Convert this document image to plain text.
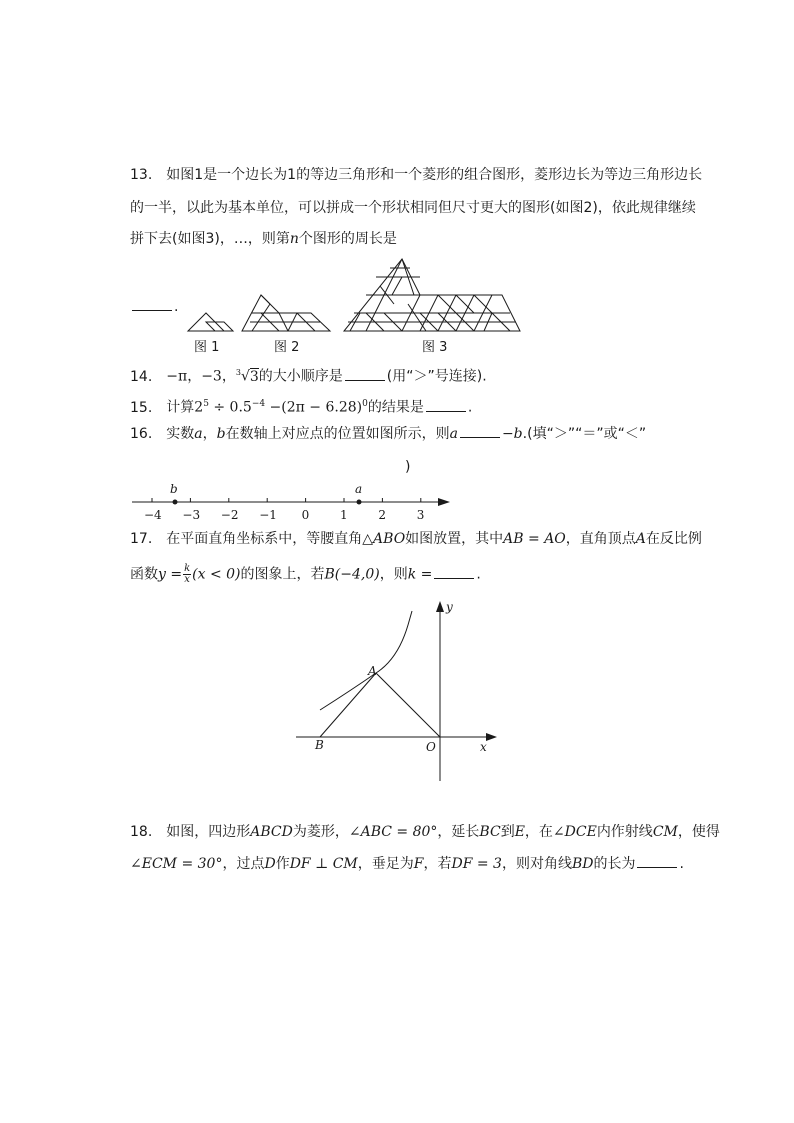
13. 如图1是一个边长为1的等边三角形和一个菱形的组合图形，菱形边长为等边三角形边长
的一半，以此为基本单位，可以拼成一个形状相同但尺寸更大的图形(如图2)，依此规律继续
拼下去(如图3)，…，则第n个图形的周长是
.
图 1	图 2	图 3
14. −π，−3，$^3$√3的大小顺序是	(用“＞”号连接).
15. 计算$2^5 \div 0.5^{-4} -(2\pi - 6.28)^0$的结果是	.
16. 实数a，b在数轴上对应点的位置如图所示，则a	−b.(填“＞”“＝”或“＜”
)
−4 −3 −2 −1 0	1	2	3
b	a
17. 在平面直角坐标系中，等腰直角△ABO如图放置，其中AB = AO，直角顶点A在反比例
函数$y = \frac{k}{x} (x < 0)$的图象上，若B(−4,0)，则k =	.
A
B	O	x
y
18. 如图，四边形ABCD为菱形，∠ABC = 80°，延长BC到E，在∠DCE内作射线CM，使得
∠ECM = 30°，过点D作DF ⊥ CM，垂足为F，若DF = 3，则对角线BD的长为	.
